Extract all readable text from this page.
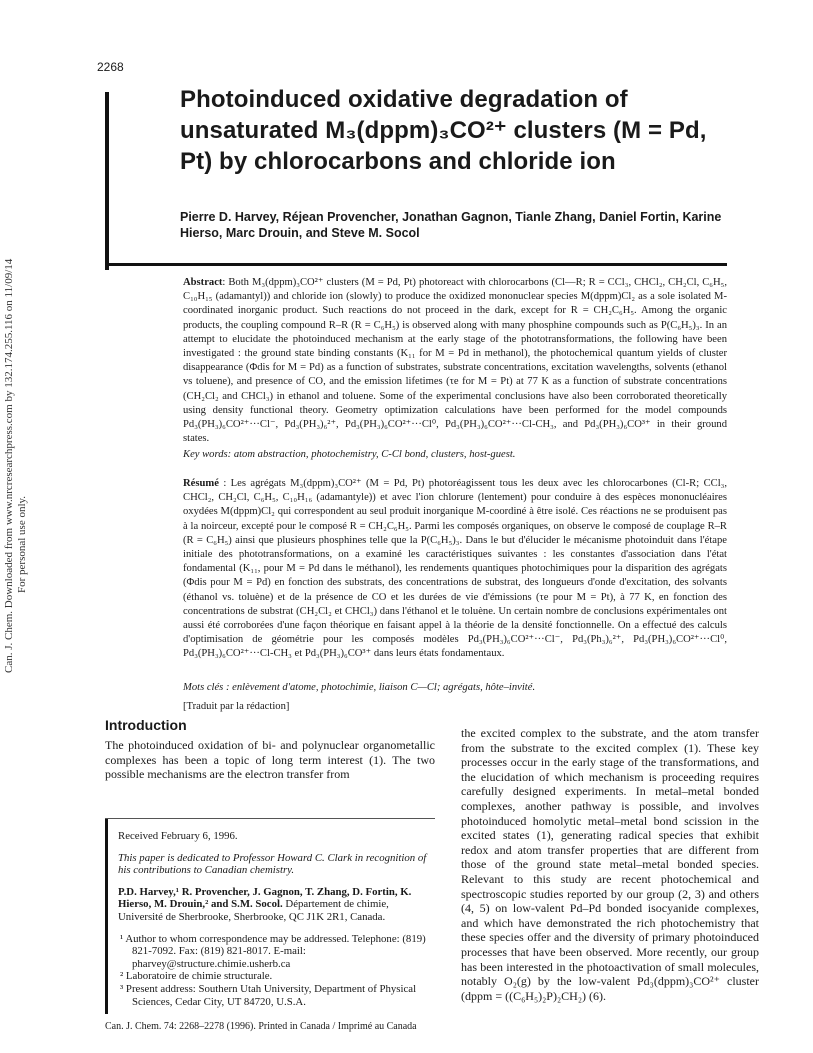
2268
Photoinduced oxidative degradation of unsaturated M₃(dppm)₃CO²⁺ clusters (M = Pd, Pt) by chlorocarbons and chloride ion
Pierre D. Harvey, Réjean Provencher, Jonathan Gagnon, Tianle Zhang, Daniel Fortin, Karine Hierso, Marc Drouin, and Steve M. Socol
Abstract: Both M₃(dppm)₃CO²⁺ clusters (M = Pd, Pt) photoreact with chlorocarbons (Cl—R; R = CCl₃, CHCl₂, CH₂Cl, C₆H₅, C₁₀H₁₅ (adamantyl)) and chloride ion (slowly) to produce the oxidized mononuclear species M(dppm)Cl₂ as a sole isolated M-coordinated inorganic product. Such reactions do not proceed in the dark, except for R = CH₂C₆H₅. Among the organic products, the coupling compound R–R (R = C₆H₅) is observed along with many phosphine compounds such as P(C₆H₅)₃. In an attempt to elucidate the photoinduced mechanism at the early stage of the phototransformations, the following have been investigated : the ground state binding constants (K₁₁ for M = Pd in methanol), the photochemical quantum yields of cluster disappearance (Φdis for M = Pd) as a function of substrates, substrate concentrations, excitation wavelengths, solvents (ethanol vs toluene), and presence of CO, and the emission lifetimes (τe for M = Pt) at 77 K as a function of substrate concentrations (CH₂Cl₂ and CHCl₃) in ethanol and toluene. Some of the experimental conclusions have also been corroborated theoretically using density functional theory. Geometry optimization calculations have been performed for the model compounds Pd₃(PH₃)₆CO²⁺···Cl⁻, Pd₃(PH₃)₆²⁺, Pd₃(PH₃)₆CO²⁺···Cl⁰, Pd₃(PH₃)₆CO²⁺···Cl-CH₃, and Pd₃(PH₃)₆CO³⁺ in their ground states.
Key words: atom abstraction, photochemistry, C-Cl bond, clusters, host-guest.
Résumé : Les agrégats M₃(dppm)₃CO²⁺ (M = Pd, Pt) photoréagissent tous les deux avec les chlorocarbones (Cl-R; CCl₃, CHCl₂, CH₂Cl, C₆H₅, C₁₀H₁₆ (adamantyle)) et avec l'ion chlorure (lentement) pour conduire à des espèces mononucléaires oxydées M(dppm)Cl₂ qui correspondent au seul produit inorganique M-coordiné à être isolé. Ces réactions ne se produisent pas à la noirceur, excepté pour le composé R = CH₂C₆H₅. Parmi les composés organiques, on observe le composé de couplage R–R (R = C₆H₅) ainsi que plusieurs phosphines telle que la P(C₆H₅)₃. Dans le but d'élucider le mécanisme photoinduit dans l'étape initiale des phototransformations, on a examiné les caractéristiques suivantes : les constantes d'association dans l'état fondamental (K₁₁, pour M = Pd dans le méthanol), les rendements quantiques photochimiques pour la disparition des agrégats (Φdis pour M = Pd) en fonction des substrats, des concentrations de substrat, des longueurs d'onde d'excitation, des solvants (éthanol vs. toluène) et de la présence de CO et les durées de vie d'émissions (τe pour M = Pt), à 77 K, en fonction des concentrations de substrat (CH₂Cl₂ et CHCl₃) dans l'éthanol et le toluène. Un certain nombre de conclusions expérimentales ont aussi été corroborées d'une façon théorique en faisant appel à la théorie de la densité fonctionnelle. On a effectué des calculs d'optimisation de géométrie pour les composés modèles Pd₃(PH₃)₆CO²⁺···Cl⁻, Pd₃(Ph₃)₆²⁺, Pd₃(PH₃)₆CO²⁺···Cl⁰, Pd₃(PH₃)₆CO²⁺···Cl-CH₃ et Pd₃(PH₃)₆CO³⁺ dans leurs états fondamentaux.
Mots clés : enlèvement d'atome, photochimie, liaison C—Cl; agrégats, hôte–invité.
[Traduit par la rédaction]
Introduction
The photoinduced oxidation of bi- and polynuclear organometallic complexes has been a topic of long term interest (1). The two possible mechanisms are the electron transfer from
the excited complex to the substrate, and the atom transfer from the substrate to the excited complex (1). These key processes occur in the early stage of the transformations, and the elucidation of which mechanism is proceeding requires carefully designed experiments. In metal–metal bonded complexes, another pathway is possible, and involves photoinduced homolytic metal–metal bond scission in the excited states (1), generating radical species that exhibit redox and atom transfer properties that are different from those of the ground state metal–metal bonded species. Relevant to this study are recent photochemical and spectroscopic studies reported by our group (2, 3) and others (4, 5) on low-valent Pd–Pd bonded isocyanide complexes, and which have demonstrated the rich photochemistry that these species offer and the diversity of primary photoinduced processes that have been observed. More recently, our group has been interested in the photoactivation of small molecules, notably O₂(g) by the low-valent Pd₃(dppm)₃CO²⁺ cluster (dppm = ((C₆H₅)₂P)₂CH₂) (6).

Received February 6, 1996.

This paper is dedicated to Professor Howard C. Clark in recognition of his contributions to Canadian chemistry.

P.D. Harvey,¹ R. Provencher, J. Gagnon, T. Zhang, D. Fortin, K. Hierso, M. Drouin,² and S.M. Socol. Département de chimie, Université de Sherbrooke, Sherbrooke, QC J1K 2R1, Canada.

¹ Author to whom correspondence may be addressed. Telephone: (819) 821-7092. Fax: (819) 821-8017. E-mail: pharvey@structure.chimie.usherb.ca

² Laboratoire de chimie structurale.

³ Present address: Southern Utah University, Department of Physical Sciences, Cedar City, UT 84720, U.S.A.

Can. J. Chem. 74: 2268–2278 (1996). Printed in Canada / Imprimé au Canada
Can. J. Chem. Downloaded from www.nrcresearchpress.com by 132.174.255.116 on 11/09/14 For personal use only.
